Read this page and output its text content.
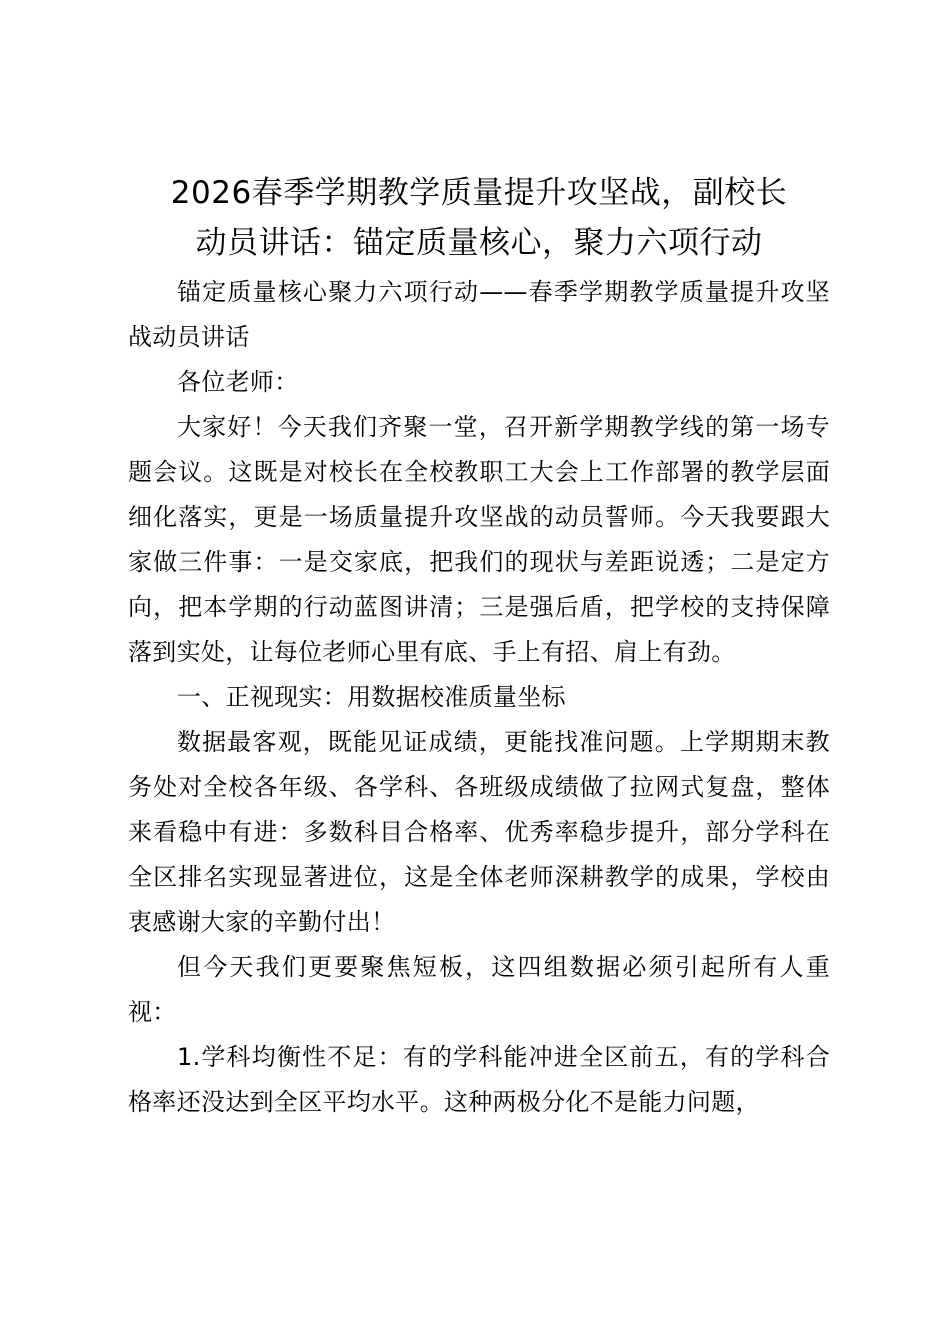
2026春季学期教学质量提升攻坚战，副校长
动员讲话：锚定质量核心，聚力六项行动

锚定质量核心聚力六项行动——春季学期教学质量提升攻坚战动员讲话

各位老师：

大家好！今天我们齐聚一堂，召开新学期教学线的第一场专题会议。这既是对校长在全校教职工大会上工作部署的教学层面细化落实，更是一场质量提升攻坚战的动员誓师。今天我要跟大家做三件事：一是交家底，把我们的现状与差距说透；二是定方向，把本学期的行动蓝图讲清；三是强后盾，把学校的支持保障落到实处，让每位老师心里有底、手上有招、肩上有劲。

一、正视现实：用数据校准质量坐标

数据最客观，既能见证成绩，更能找准问题。上学期期末教务处对全校各年级、各学科、各班级成绩做了拉网式复盘，整体来看稳中有进：多数科目合格率、优秀率稳步提升，部分学科在全区排名实现显著进位，这是全体老师深耕教学的成果，学校由衷感谢大家的辛勤付出！

但今天我们更要聚焦短板，这四组数据必须引起所有人重视：

1.学科均衡性不足：有的学科能冲进全区前五，有的学科合格率还没达到全区平均水平。这种两极分化不是能力问题，
